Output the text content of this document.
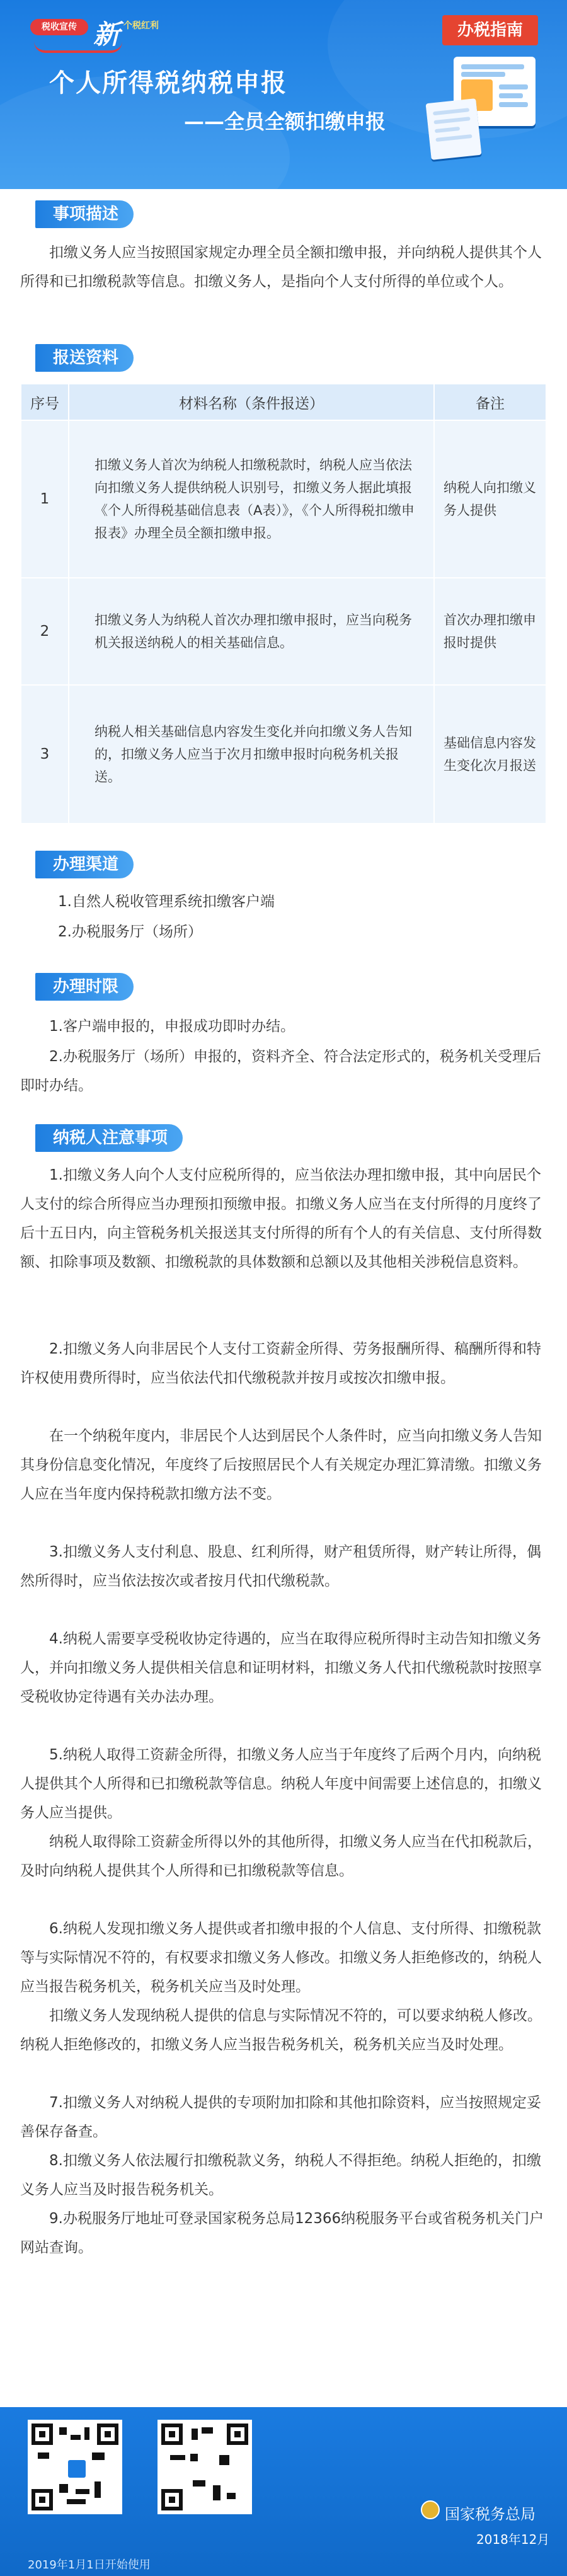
税收宣传 新 个税红利	办税指南
个人所得税纳税申报
——全员全额扣缴申报
事项描述

扣缴义务人应当按照国家规定办理全员全额扣缴申报，并向纳税人提供其个人所得和已扣缴税款等信息。扣缴义务人，是指向个人支付所得的单位或个人。

报送资料
序号	材料名称（条件报送）	备注
1	扣缴义务人首次为纳税人扣缴税款时，纳税人应当依法向扣缴义务人提供纳税人识别号，扣缴义务人据此填报《个人所得税基础信息表（A表）》，《个人所得税扣缴申报表》办理全员全额扣缴申报。	纳税人向扣缴义务人提供
2	扣缴义务人为纳税人首次办理扣缴申报时，应当向税务机关报送纳税人的相关基础信息。	首次办理扣缴申报时提供
3	纳税人相关基础信息内容发生变化并向扣缴义务人告知的，扣缴义务人应当于次月扣缴申报时向税务机关报送。	基础信息内容发生变化次月报送
办理渠道

1.自然人税收管理系统扣缴客户端

2.办税服务厅（场所）

办理时限

1.客户端申报的，申报成功即时办结。

2.办税服务厅（场所）申报的，资料齐全、符合法定形式的，税务机关受理后即时办结。

纳税人注意事项

1.扣缴义务人向个人支付应税所得的，应当依法办理扣缴申报，其中向居民个人支付的综合所得应当办理预扣预缴申报。扣缴义务人应当在支付所得的月度终了后十五日内，向主管税务机关报送其支付所得的所有个人的有关信息、支付所得数额、扣除事项及数额、扣缴税款的具体数额和总额以及其他相关涉税信息资料。

2.扣缴义务人向非居民个人支付工资薪金所得、劳务报酬所得、稿酬所得和特许权使用费所得时，应当依法代扣代缴税款并按月或按次扣缴申报。

在一个纳税年度内，非居民个人达到居民个人条件时，应当向扣缴义务人告知其身份信息变化情况，年度终了后按照居民个人有关规定办理汇算清缴。扣缴义务人应在当年度内保持税款扣缴方法不变。

3.扣缴义务人支付利息、股息、红利所得，财产租赁所得，财产转让所得，偶然所得时，应当依法按次或者按月代扣代缴税款。

4.纳税人需要享受税收协定待遇的，应当在取得应税所得时主动告知扣缴义务人，并向扣缴义务人提供相关信息和证明材料，扣缴义务人代扣代缴税款时按照享受税收协定待遇有关办法办理。

5.纳税人取得工资薪金所得，扣缴义务人应当于年度终了后两个月内，向纳税人提供其个人所得和已扣缴税款等信息。纳税人年度中间需要上述信息的，扣缴义务人应当提供。

纳税人取得除工资薪金所得以外的其他所得，扣缴义务人应当在代扣税款后，及时向纳税人提供其个人所得和已扣缴税款等信息。

6.纳税人发现扣缴义务人提供或者扣缴申报的个人信息、支付所得、扣缴税款等与实际情况不符的，有权要求扣缴义务人修改。扣缴义务人拒绝修改的，纳税人应当报告税务机关，税务机关应当及时处理。

扣缴义务人发现纳税人提供的信息与实际情况不符的，可以要求纳税人修改。纳税人拒绝修改的，扣缴义务人应当报告税务机关，税务机关应当及时处理。

7.扣缴义务人对纳税人提供的专项附加扣除和其他扣除资料，应当按照规定妥善保存备查。

8.扣缴义务人依法履行扣缴税款义务，纳税人不得拒绝。纳税人拒绝的，扣缴义务人应当及时报告税务机关。

9.办税服务厅地址可登录国家税务总局12366纳税服务平台或省税务机关门户网站查询。

2019年1月1日开始使用
国家税务总局
2018年12月
